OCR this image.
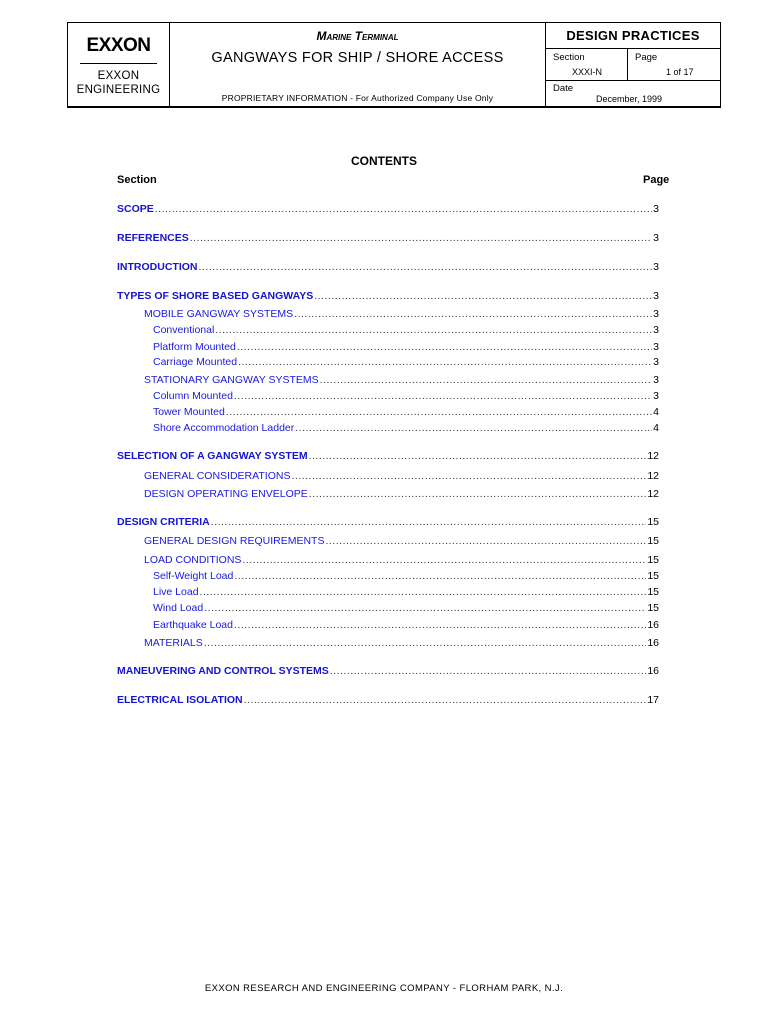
EXXON
EXXON
ENGINEERING
Marine Terminal
GANGWAYS FOR SHIP / SHORE ACCESS
PROPRIETARY INFORMATION - For Authorized Company Use Only
DESIGN PRACTICES
Section
XXXI-N
Page
1 of 17
Date
December, 1999
CONTENTS
Section	Page
SCOPE .....	3
REFERENCES .....	3
INTRODUCTION .....	3
TYPES OF SHORE BASED GANGWAYS .....	3
MOBILE GANGWAY SYSTEMS .....	3
Conventional .....	3
Platform Mounted .....	3
Carriage Mounted .....	3
STATIONARY GANGWAY SYSTEMS .....	3
Column Mounted .....	3
Tower Mounted .....	4
Shore Accommodation Ladder .....	4
SELECTION OF A GANGWAY SYSTEM .....	12
GENERAL CONSIDERATIONS .....	12
DESIGN OPERATING ENVELOPE .....	12
DESIGN CRITERIA .....	15
GENERAL DESIGN REQUIREMENTS .....	15
LOAD CONDITIONS .....	15
Self-Weight Load .....	15
Live Load .....	15
Wind Load .....	15
Earthquake Load .....	16
MATERIALS .....	16
MANEUVERING AND CONTROL SYSTEMS .....	16
ELECTRICAL ISOLATION .....	17
EXXON RESEARCH AND ENGINEERING COMPANY - FLORHAM PARK, N.J.
